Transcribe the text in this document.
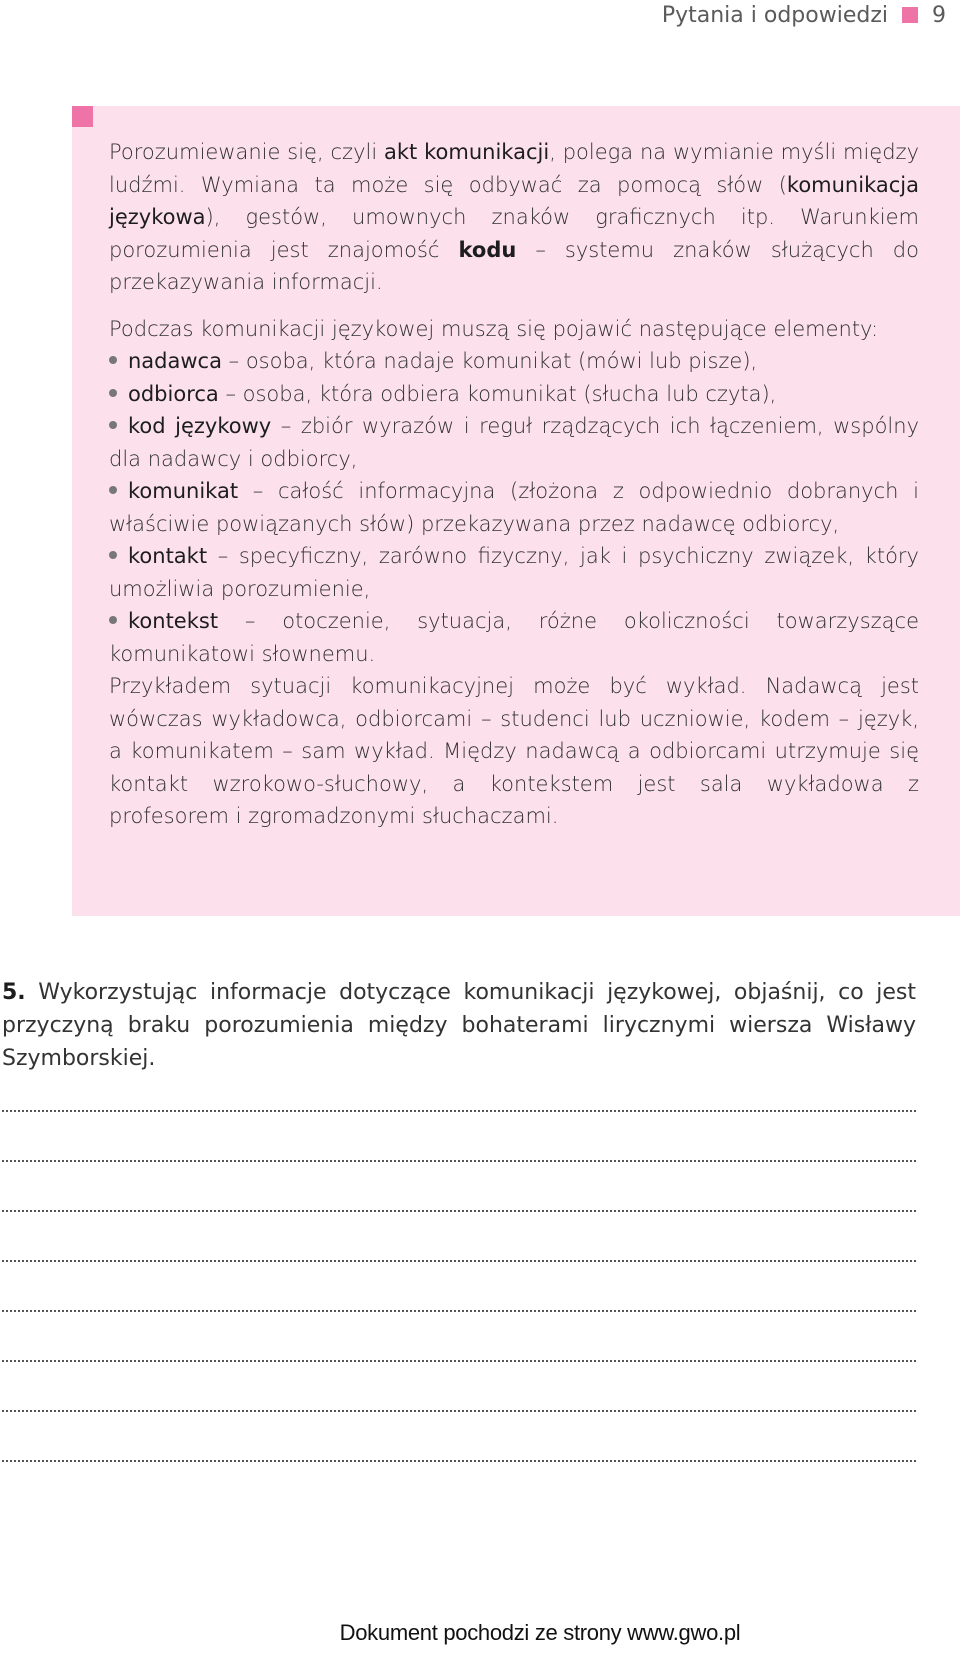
Pytania i odpowiedzi 9

Porozumiewanie się, czyli akt komunikacji, polega na wymianie myśli między ludźmi. Wymiana ta może się odbywać za pomocą słów (komunikacja językowa), gestów, umownych znaków graficznych itp. Warunkiem porozumienia jest znajomość kodu – systemu znaków służących do przekazywania informacji.

Podczas komunikacji językowej muszą się pojawić następujące elementy:

nadawca – osoba, która nadaje komunikat (mówi lub pisze),
odbiorca – osoba, która odbiera komunikat (słucha lub czyta),
kod językowy – zbiór wyrazów i reguł rządzących ich łączeniem, wspólny dla nadawcy i odbiorcy,
komunikat – całość informacyjna (złożona z odpowiednio dobranych i właściwie powiązanych słów) przekazywana przez nadawcę odbiorcy,
kontakt – specyficzny, zarówno fizyczny, jak i psychiczny związek, który umożliwia porozumienie,
kontekst – otoczenie, sytuacja, różne okoliczności towarzyszące komunikatowi słownemu.

Przykładem sytuacji komunikacyjnej może być wykład. Nadawcą jest wówczas wykładowca, odbiorcami – studenci lub uczniowie, kodem – język, a komunikatem – sam wykład. Między nadawcą a odbiorcami utrzymuje się kontakt wzrokowo-słuchowy, a kontekstem jest sala wykładowa z profesorem i zgromadzonymi słuchaczami.

5. Wykorzystując informacje dotyczące komunikacji językowej, objaśnij, co jest przyczyną braku porozumienia między bohaterami lirycznymi wiersza Wisławy Szymborskiej.
Dokument pochodzi ze strony www.gwo.pl
